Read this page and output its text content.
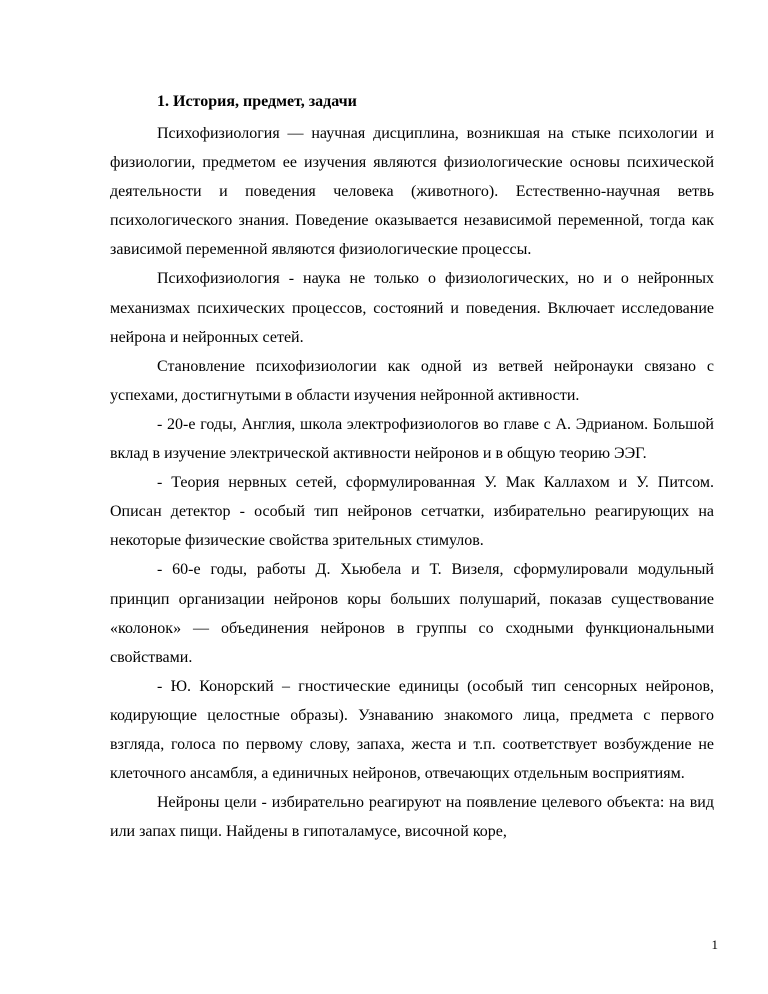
1. История, предмет, задачи

Психофизиология — научная дисциплина, возникшая на стыке психологии и физиологии, предметом ее изучения являются физиологические основы психической деятельности и поведения человека (животного). Естественно-научная ветвь психологического знания. Поведение оказывается независимой переменной, тогда как зависимой переменной являются физиологические процессы.

Психофизиология - наука не только о физиологических, но и о нейронных механизмах психических процессов, состояний и поведения. Включает исследование нейрона и нейронных сетей.

Становление психофизиологии как одной из ветвей нейронауки связано с успехами, достигнутыми в области изучения нейронной активности.

- 20-е годы, Англия, школа электрофизиологов во главе с А. Эдрианом. Большой вклад в изучение электрической активности нейронов и в общую теорию ЭЭГ.

- Теория нервных сетей, сформулированная У. Мак Каллахом и У. Питсом. Описан детектор - особый тип нейронов сетчатки, избирательно реагирующих на некоторые физические свойства зрительных стимулов.

- 60-е годы, работы Д. Хьюбела и Т. Визеля, сформулировали модульный принцип организации нейронов коры больших полушарий, показав существование «колонок» — объединения нейронов в группы со сходными функциональными свойствами.

- Ю. Конорский – гностические единицы (особый тип сенсорных нейронов, кодирующие целостные образы). Узнаванию знакомого лица, предмета с первого взгляда, голоса по первому слову, запаха, жеста и т.п. соответствует возбуждение не клеточного ансамбля, а единичных нейронов, отвечающих отдельным восприятиям.

Нейроны цели - избирательно реагируют на появление целевого объекта: на вид или запах пищи. Найдены в гипоталамусе, височной коре,

1
